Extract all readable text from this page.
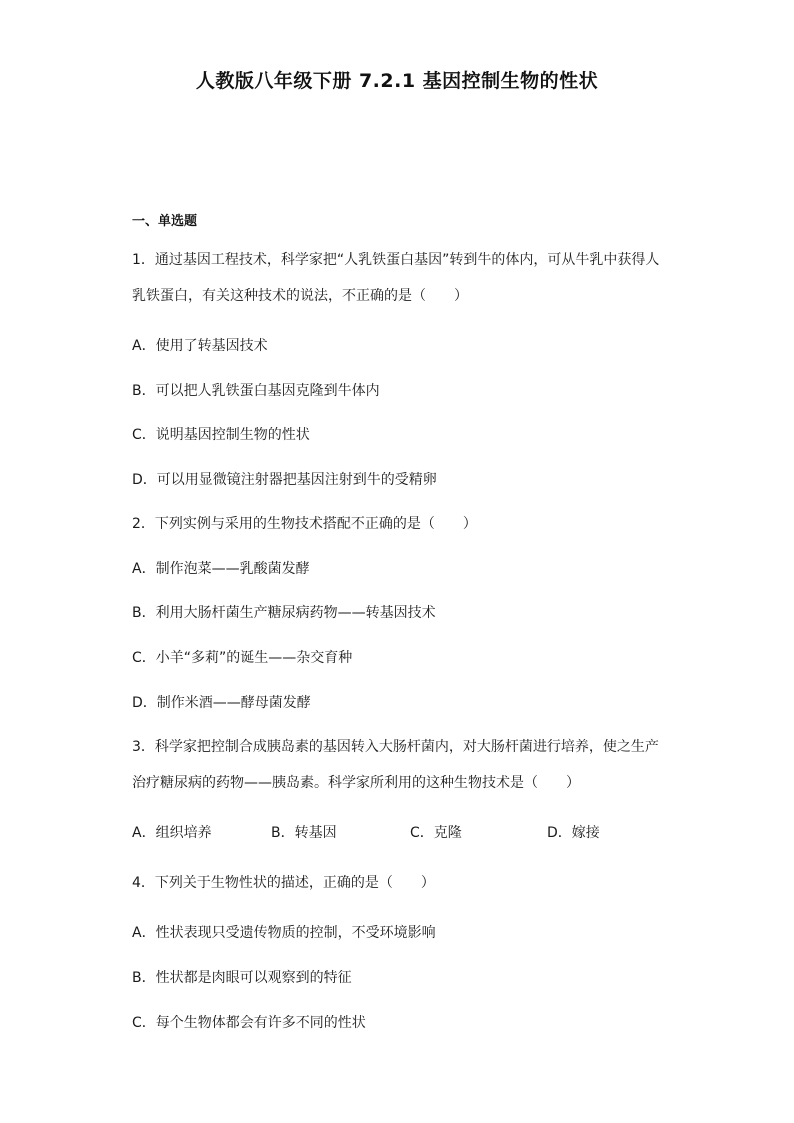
人教版八年级下册 7.2.1 基因控制生物的性状
一、单选题
1．通过基因工程技术，科学家把“人乳铁蛋白基因”转到牛的体内，可从牛乳中获得人
乳铁蛋白，有关这种技术的说法，不正确的是（　　）
A．使用了转基因技术
B．可以把人乳铁蛋白基因克隆到牛体内
C．说明基因控制生物的性状
D．可以用显微镜注射器把基因注射到牛的受精卵
2．下列实例与采用的生物技术搭配不正确的是（　　）
A．制作泡菜——乳酸菌发酵
B．利用大肠杆菌生产糖尿病药物——转基因技术
C．小羊“多莉”的诞生——杂交育种
D．制作米酒——酵母菌发酵
3．科学家把控制合成胰岛素的基因转入大肠杆菌内，对大肠杆菌进行培养，使之生产
治疗糖尿病的药物——胰岛素。科学家所利用的这种生物技术是（　　）
A．组织培养	B．转基因	C．克隆	D．嫁接
4．下列关于生物性状的描述，正确的是（　　）
A．性状表现只受遗传物质的控制，不受环境影响
B．性状都是肉眼可以观察到的特征
C．每个生物体都会有许多不同的性状
